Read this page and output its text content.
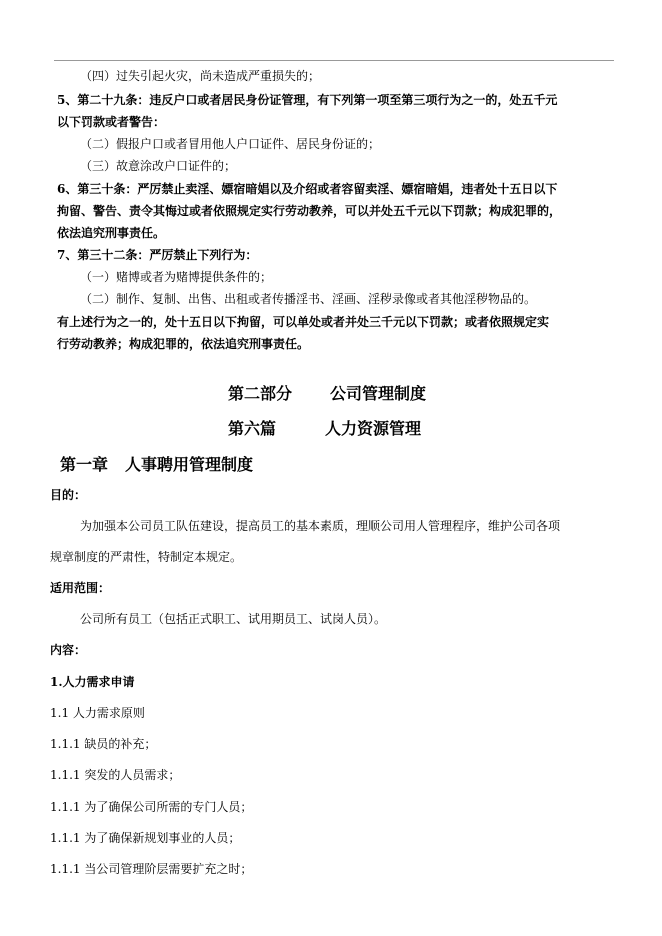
（四）过失引起火灾，尚未造成严重损失的；
5、第二十九条：违反户口或者居民身份证管理，有下列第一项至第三项行为之一的，处五千元
以下罚款或者警告：
（二）假报户口或者冒用他人户口证件、居民身份证的；
（三）故意涂改户口证件的；
6、第三十条：严厉禁止卖淫、嫖宿暗娼以及介绍或者容留卖淫、嫖宿暗娼，违者处十五日以下
拘留、警告、责令其悔过或者依照规定实行劳动教养，可以并处五千元以下罚款；构成犯罪的，
依法追究刑事责任。
7、第三十二条：严厉禁止下列行为：
（一）赌博或者为赌博提供条件的；
（二）制作、复制、出售、出租或者传播淫书、淫画、淫秽录像或者其他淫秽物品的。
有上述行为之一的，处十五日以下拘留，可以单处或者并处三千元以下罚款；或者依照规定实
行劳动教养；构成犯罪的，依法追究刑事责任。
第二部分 公司管理制度
第六篇	人力资源管理
第一章 人事聘用管理制度
目的：
为加强本公司员工队伍建设，提高员工的基本素质，理顺公司用人管理程序，维护公司各项
规章制度的严肃性，特制定本规定。
适用范围：
公司所有员工（包括正式职工、试用期员工、试岗人员）。
内容：
1.人力需求申请
1.1 人力需求原则
1.1.1 缺员的补充；
1.1.1 突发的人员需求；
1.1.1 为了确保公司所需的专门人员；
1.1.1 为了确保新规划事业的人员；
1.1.1 当公司管理阶层需要扩充之时；
